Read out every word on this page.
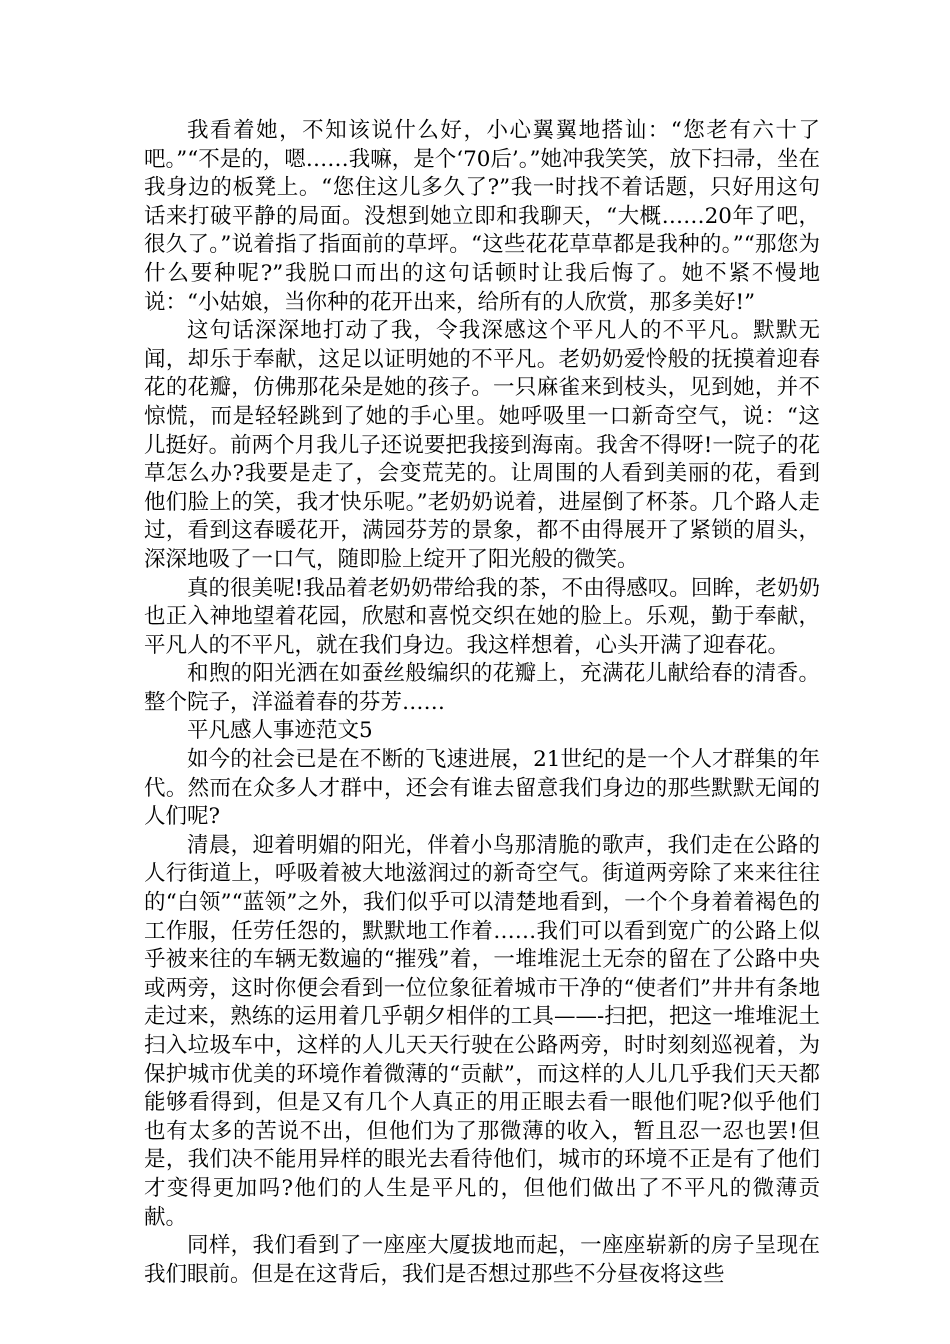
我看着她，不知该说什么好，小心翼翼地搭讪：“您老有六十了吧。”“不是的，嗯……我嘛，是个‘70后’。”她冲我笑笑，放下扫帚，坐在我身边的板凳上。“您住这儿多久了?”我一时找不着话题，只好用这句话来打破平静的局面。没想到她立即和我聊天，“大概……20年了吧，很久了。”说着指了指面前的草坪。“这些花花草草都是我种的。”“那您为什么要种呢?”我脱口而出的这句话顿时让我后悔了。她不紧不慢地说：“小姑娘，当你种的花开出来，给所有的人欣赏，那多美好!”

这句话深深地打动了我，令我深感这个平凡人的不平凡。默默无闻，却乐于奉献，这足以证明她的不平凡。老奶奶爱怜般的抚摸着迎春花的花瓣，仿佛那花朵是她的孩子。一只麻雀来到枝头，见到她，并不惊慌，而是轻轻跳到了她的手心里。她呼吸里一口新奇空气，说：“这儿挺好。前两个月我儿子还说要把我接到海南。我舍不得呀!一院子的花草怎么办?我要是走了，会变荒芜的。让周围的人看到美丽的花，看到他们脸上的笑，我才快乐呢。”老奶奶说着，进屋倒了杯茶。几个路人走过，看到这春暖花开，满园芬芳的景象，都不由得展开了紧锁的眉头，深深地吸了一口气，随即脸上绽开了阳光般的微笑。

真的很美呢!我品着老奶奶带给我的茶，不由得感叹。回眸，老奶奶也正入神地望着花园，欣慰和喜悦交织在她的脸上。乐观，勤于奉献，平凡人的不平凡，就在我们身边。我这样想着，心头开满了迎春花。

和煦的阳光洒在如蚕丝般编织的花瓣上，充满花儿献给春的清香。整个院子，洋溢着春的芬芳……

平凡感人事迹范文5

如今的社会已是在不断的飞速进展，21世纪的是一个人才群集的年代。然而在众多人才群中，还会有谁去留意我们身边的那些默默无闻的人们呢?

清晨，迎着明媚的阳光，伴着小鸟那清脆的歌声，我们走在公路的人行街道上，呼吸着被大地滋润过的新奇空气。街道两旁除了来来往往的“白领”“蓝领”之外，我们似乎可以清楚地看到，一个个身着着褐色的工作服，任劳任怨的，默默地工作着……我们可以看到宽广的公路上似乎被来往的车辆无数遍的“摧残”着，一堆堆泥土无奈的留在了公路中央或两旁，这时你便会看到一位位象征着城市干净的“使者们”井井有条地走过来，熟练的运用着几乎朝夕相伴的工具——-扫把，把这一堆堆泥土扫入垃圾车中，这样的人儿天天行驶在公路两旁，时时刻刻巡视着，为保护城市优美的环境作着微薄的“贡献”，而这样的人儿几乎我们天天都能够看得到，但是又有几个人真正的用正眼去看一眼他们呢?似乎他们也有太多的苦说不出，但他们为了那微薄的收入，暂且忍一忍也罢!但是，我们决不能用异样的眼光去看待他们，城市的环境不正是有了他们才变得更加吗?他们的人生是平凡的，但他们做出了不平凡的微薄贡献。

同样，我们看到了一座座大厦拔地而起，一座座崭新的房子呈现在我们眼前。但是在这背后，我们是否想过那些不分昼夜将这些
